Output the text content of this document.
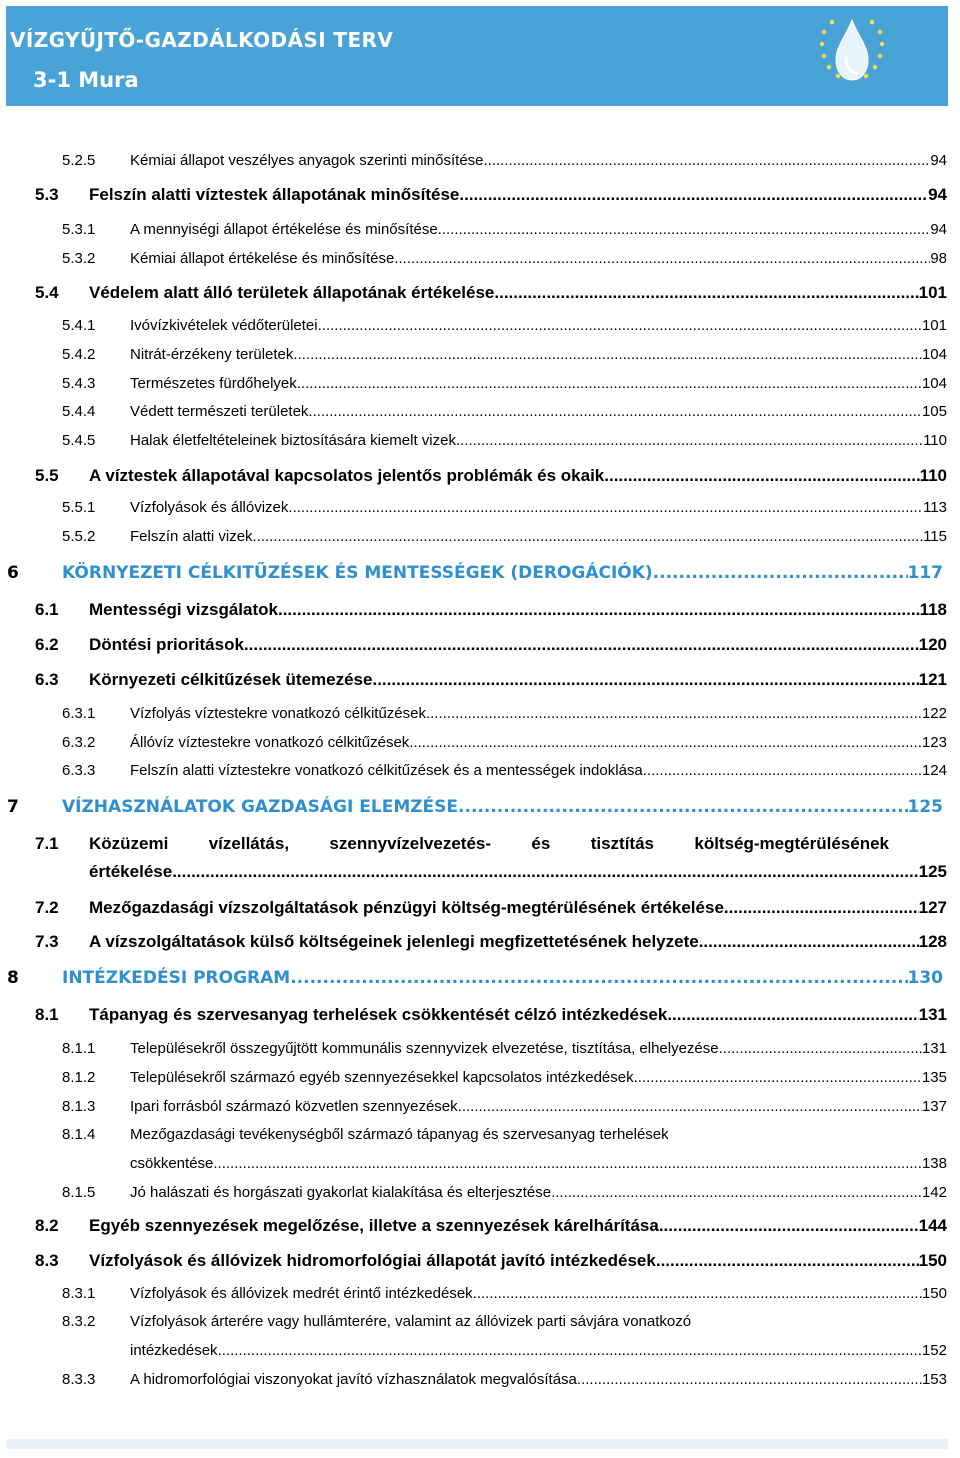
VÍZGYŰJTŐ-GAZDÁLKODÁSI TERV
3-1 Mura
5.2.5 Kémiai állapot veszélyes anyagok szerinti minősítése .....	94
5.3 Felszín alatti víztestek állapotának minősítése .....	94
5.3.1 A mennyiségi állapot értékelése és minősítése .....	94
5.3.2 Kémiai állapot értékelése és minősítése .....	98
5.4 Védelem alatt álló területek állapotának értékelése .....	101
5.4.1 Ivóvízkivételek védőterületei .....	101
5.4.2 Nitrát-érzékeny területek .....	104
5.4.3 Természetes fürdőhelyek .....	104
5.4.4 Védett természeti területek .....	105
5.4.5 Halak életfeltételeinek biztosítására kiemelt vizek .....	110
5.5 A víztestek állapotával kapcsolatos jelentős problémák és okaik .....	110
5.5.1 Vízfolyások és állóvizek .....	113
5.5.2 Felszín alatti vizek .....	115
6	KÖRNYEZETI CÉLKITŰZÉSEK ÉS MENTESSÉGEK (DEROGÁCIÓK) .....	117
6.1 Mentességi vizsgálatok .....	118
6.2 Döntési prioritások .....	120
6.3 Környezeti célkitűzések ütemezése .....	121
6.3.1 Vízfolyás víztestekre vonatkozó célkitűzések .....	122
6.3.2 Állóvíz víztestekre vonatkozó célkitűzések .....	123
6.3.3 Felszín alatti víztestekre vonatkozó célkitűzések és a mentességek indoklása .....	124
7	VÍZHASZNÁLATOK GAZDASÁGI ELEMZÉSE .....	125
7.1 Közüzemi vízellátás, szennyvízelvezetés- és tisztítás költség-megtérülésének
értékelése .....	125
7.2 Mezőgazdasági vízszolgáltatások pénzügyi költség-megtérülésének értékelése .....	127
7.3 A vízszolgáltatások külső költségeinek jelenlegi megfizettetésének helyzete .....	128
8	INTÉZKEDÉSI PROGRAM .....	130
8.1 Tápanyag és szervesanyag terhelések csökkentését célzó intézkedések .....	131
8.1.1 Településekről összegyűjtött kommunális szennyvizek elvezetése, tisztítása, elhelyezése .....	131
8.1.2 Településekről származó egyéb szennyezésekkel kapcsolatos intézkedések .....	135
8.1.3 Ipari forrásból származó közvetlen szennyezések .....	137
8.1.4 Mezőgazdasági tevékenységből származó tápanyag és szervesanyag terhelések
csökkentése .....	138
8.1.5 Jó halászati és horgászati gyakorlat kialakítása és elterjesztése .....	142
8.2 Egyéb szennyezések megelőzése, illetve a szennyezések kárelhárítása .....	144
8.3 Vízfolyások és állóvizek hidromorfológiai állapotát javító intézkedések .....	150
8.3.1 Vízfolyások és állóvizek medrét érintő intézkedések .....	150
8.3.2 Vízfolyások árterére vagy hullámterére, valamint az állóvizek parti sávjára vonatkozó
intézkedések .....	152
8.3.3 A hidromorfológiai viszonyokat javító vízhasználatok megvalósítása .....	153
